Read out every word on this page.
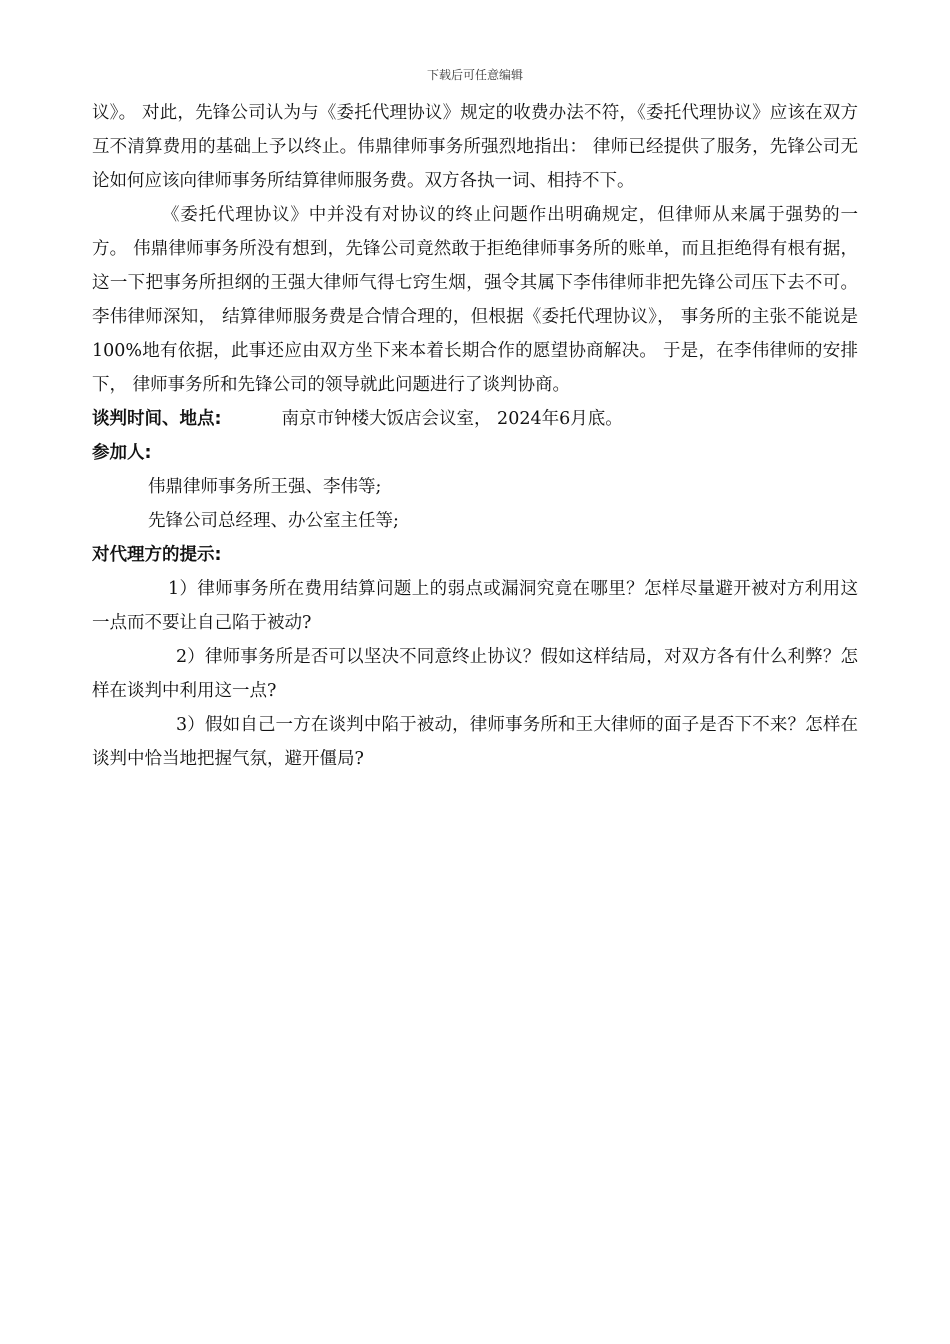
下载后可任意编辑

议》。 对此，先锋公司认为与《委托代理协议》规定的收费办法不符，《委托代理协议》应该在双方互不清算费用的基础上予以终止。伟鼎律师事务所强烈地指出： 律师已经提供了服务，先锋公司无论如何应该向律师事务所结算律师服务费。双方各执一词、相持不下。

《委托代理协议》中并没有对协议的终止问题作出明确规定，但律师从来属于强势的一方。 伟鼎律师事务所没有想到，先锋公司竟然敢于拒绝律师事务所的账单，而且拒绝得有根有据，这一下把事务所担纲的王强大律师气得七窍生烟，强令其属下李伟律师非把先锋公司压下去不可。 李伟律师深知， 结算律师服务费是合情合理的，但根据《委托代理协议》， 事务所的主张不能说是100%地有依据，此事还应由双方坐下来本着长期合作的愿望协商解决。 于是，在李伟律师的安排下， 律师事务所和先锋公司的领导就此问题进行了谈判协商。

谈判时间、地点:	南京市钟楼大饭店会议室， 2024年6月底。

参加人:

伟鼎律师事务所王强、李伟等;

先锋公司总经理、办公室主任等;

对代理方的提示:

1）律师事务所在费用结算问题上的弱点或漏洞究竟在哪里？怎样尽量避开被对方利用这一点而不要让自己陷于被动?

2）律师事务所是否可以坚决不同意终止协议？假如这样结局，对双方各有什么利弊？怎样在谈判中利用这一点?

3）假如自己一方在谈判中陷于被动，律师事务所和王大律师的面子是否下不来？怎样在谈判中恰当地把握气氛，避开僵局?
